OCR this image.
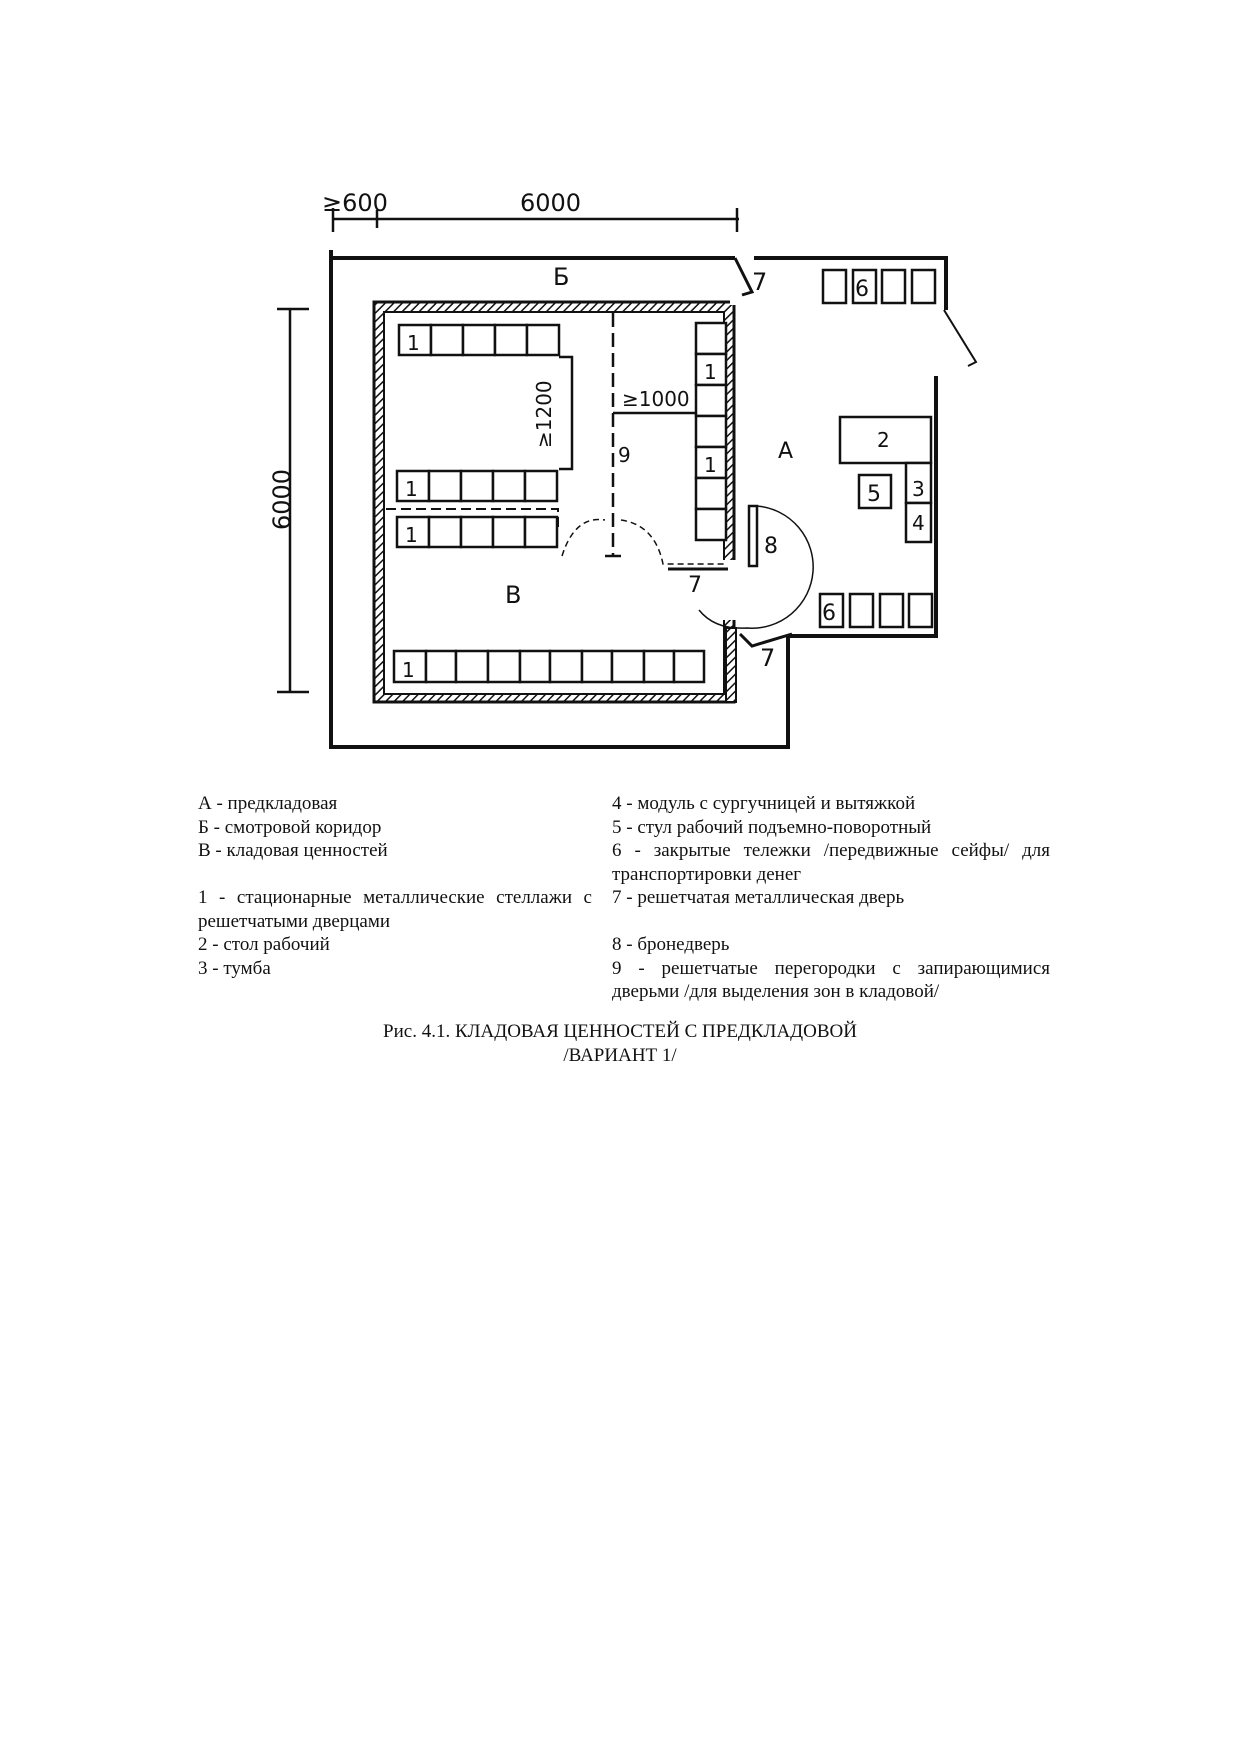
≥600	6000
6000
7
7
Б
А
В
1
≥1200
1
1
9
≥1000
7
1
1
1
8
6
6
2
3
4
5
А - предкладовая
Б - смотровой коридор
В - кладовая ценностей
1 - стационарные металлические стеллажи с решетчатыми дверцами
2 - стол рабочий
3 - тумба
4 - модуль с сургучницей и вытяжкой
5 - стул рабочий подъемно-поворотный
6 - закрытые тележки /передвижные сейфы/ для транспортировки денег
7 - решетчатая металлическая дверь
8 - бронедверь
9 - решетчатые перегородки с запирающимися дверьми /для выделения зон в кладовой/
Рис. 4.1. КЛАДОВАЯ ЦЕННОСТЕЙ С ПРЕДКЛАДОВОЙ
/ВАРИАНТ 1/
